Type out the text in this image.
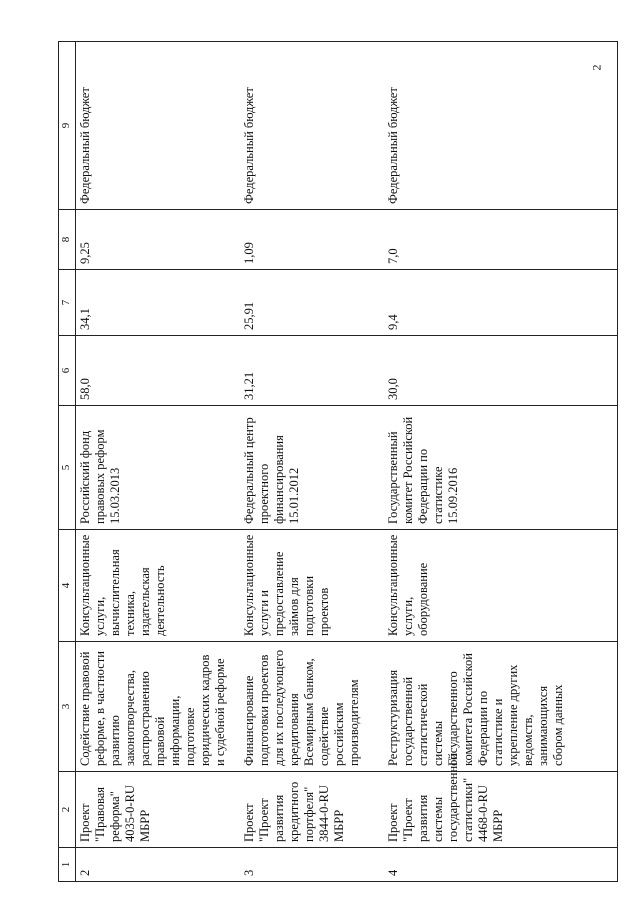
2
1	2	3	4	5	6	7	8	9
2	Проект "Правовая реформа" 4035-0-RU МБРР	Содействие правовой реформе, в частности развитию законотворчества, распространению правовой информации, подготовке юридических кадров и судебной реформе	Консультационные услуги, вычислительная техника, издательская деятельность	Российский фонд правовых реформ 15.03.2013	58,0	34,1	9,25	Федеральный бюджет
3	Проект "Проект развития кредитного портфеля" 3844-0-RU МБРР	Финансирование подготовки проектов для их последующего кредитования Всемирным банком, содействие российским производителям	Консультационные услуги и предоставление займов для подготовки проектов	Федеральный центр проектного финансирования 15.01.2012	31,21	25,91	1,09	Федеральный бюджет
4	Проект "Проект развития системы государственной статистики" 4468-0-RU МБРР	Реструктуризация государственной статистической системы Государственного комитета Российской Федерации по статистике и укрепление других ведомств, занимающихся сбором данных	Консультационные услуги, оборудование	Государственный комитет Российской Федерации по статистике 15.09.2016	30,0	9,4	7,0	Федеральный бюджет
